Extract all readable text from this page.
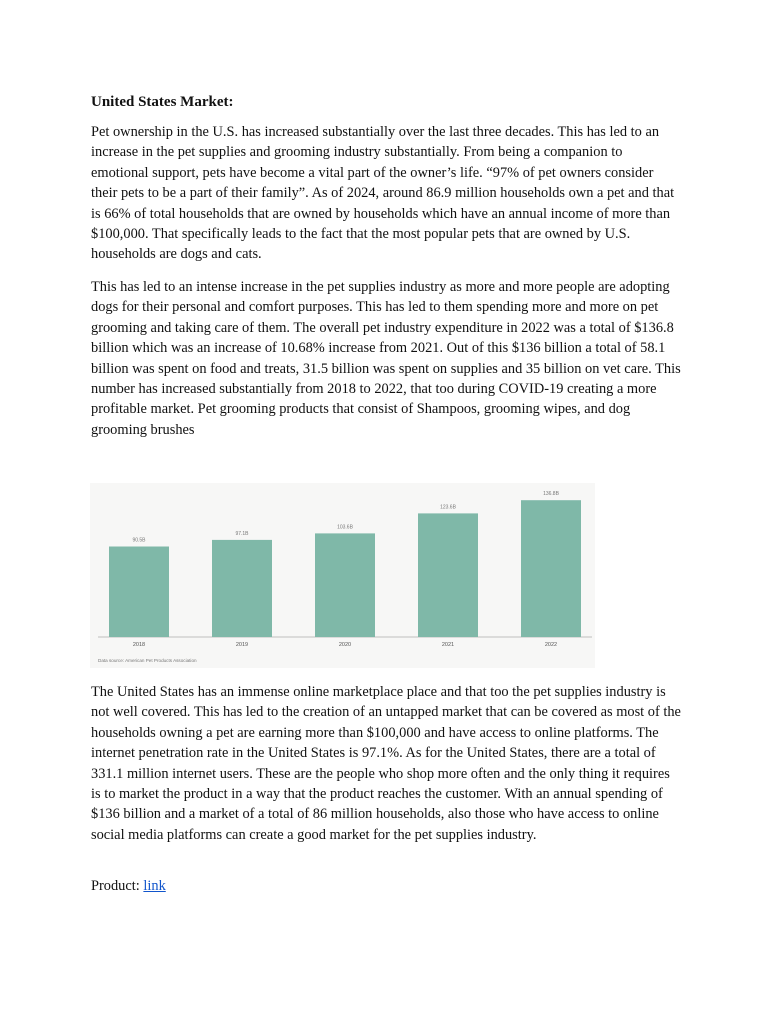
United States Market:

Pet ownership in the U.S. has increased substantially over the last three decades. This has led to an increase in the pet supplies and grooming industry substantially. From being a companion to emotional support, pets have become a vital part of the owner’s life. “97% of pet owners consider their pets to be a part of their family”. As of 2024, around 86.9 million households own a pet and that is 66% of total households that are owned by households which have an annual income of more than $100,000. That specifically leads to the fact that the most popular pets that are owned by U.S. households are dogs and cats.

This has led to an intense increase in the pet supplies industry as more and more people are adopting dogs for their personal and comfort purposes. This has led to them spending more and more on pet grooming and taking care of them. The overall pet industry expenditure in 2022 was a total of $136.8 billion which was an increase of 10.68% increase from 2021. Out of this $136 billion a total of 58.1 billion was spent on food and treats, 31.5 billion was spent on supplies and 35 billion on vet care. This number has increased substantially from 2018 to 2022, that too during COVID-19 creating a more profitable market. Pet grooming products that consist of Shampoos, grooming wipes, and dog grooming brushes

90.5B
2018
97.1B
2019
103.6B
2020
123.6B
2021
136.8B
2022
Data source: American Pet Products Association

The United States has an immense online marketplace place and that too the pet supplies industry is not well covered. This has led to the creation of an untapped market that can be covered as most of the households owning a pet are earning more than $100,000 and have access to online platforms. The internet penetration rate in the United States is 97.1%. As for the United States, there are a total of 331.1 million internet users. These are the people who shop more often and the only thing it requires is to market the product in a way that the product reaches the customer. With an annual spending of $136 billion and a market of a total of 86 million households, also those who have access to online social media platforms can create a good market for the pet supplies industry.

Product: link
